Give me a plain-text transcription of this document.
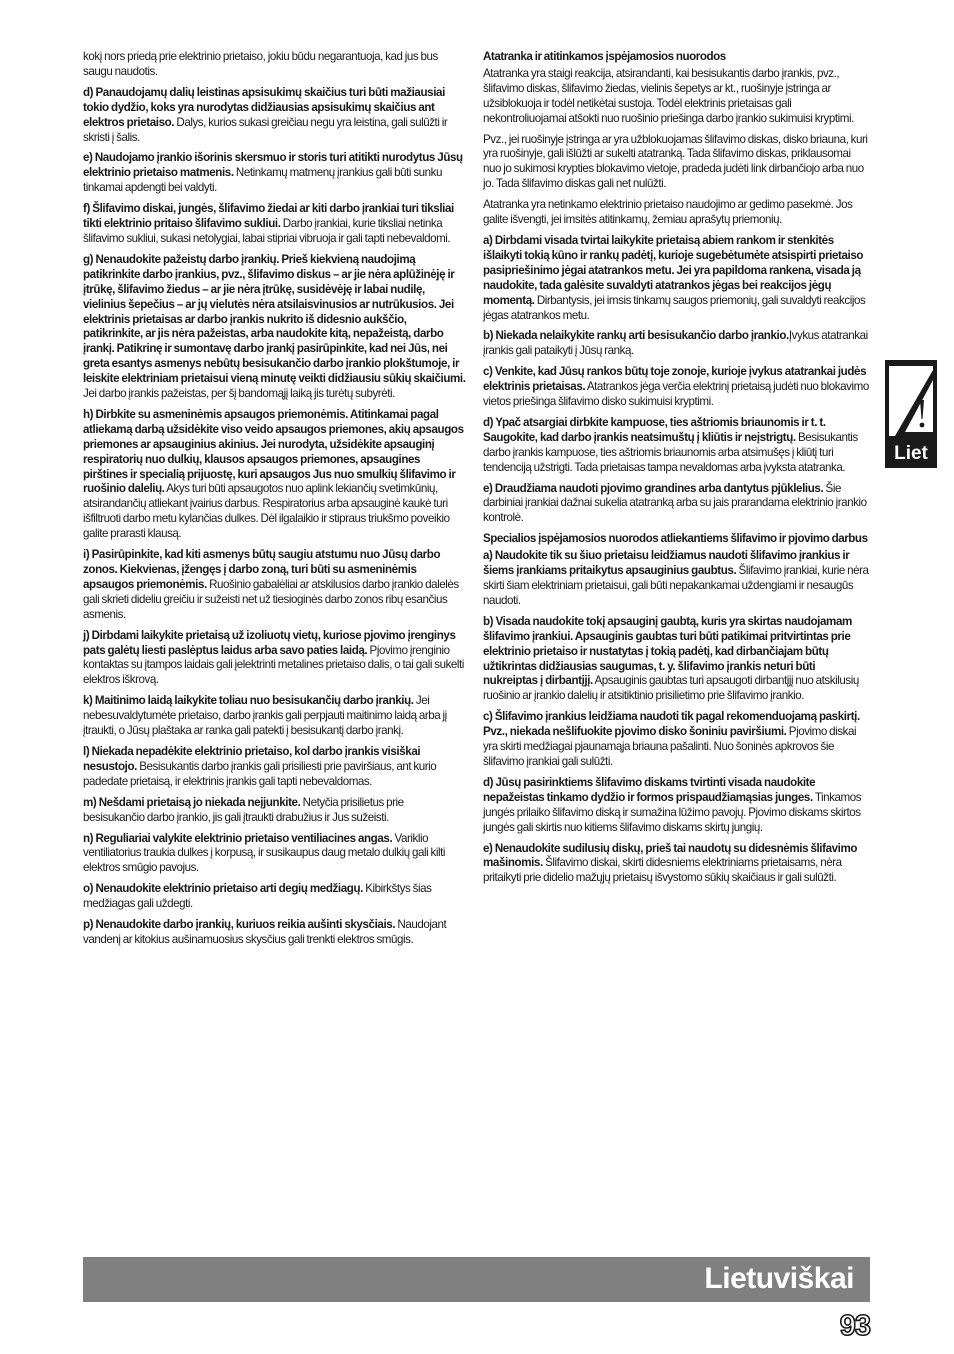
kokį nors priedą prie elektrinio prietaiso, jokiu būdu negarantuoja, kad jus bus saugu naudotis.
d) Panaudojamų dalių leistinas apsisukimų skaičius turi būti mažiausiai tokio dydžio, koks yra nurodytas didžiausias apsisukimų skaičius ant elektros prietaiso. Dalys, kurios sukasi greičiau negu yra leistina, gali sulūžti ir skristi į šalis.
e) Naudojamo įrankio išorinis skersmuo ir storis turi atitikti nurodytus Jūsų elektrinio prietaiso matmenis. Netinkamų matmenų įrankius gali būti sunku tinkamai apdengti bei valdyti.
f) Šlifavimo diskai, jungės, šlifavimo žiedai ar kiti darbo įrankiai turi tiksliai tikti elektrinio pritaiso šlifavimo sukliui. Darbo įrankiai, kurie tiksliai netinka šlifavimo sukliui, sukasi netolygiai, labai stipriai vibruoja ir gali tapti nebevaldomi.
g) Nenaudokite pažeistų darbo įrankių. Prieš kiekvieną naudojimą patikrinkite darbo įrankius, pvz., šlifavimo diskus – ar jie nėra aplūžinėję ir įtrūkę, šlifavimo žiedus – ar jie nėra įtrūkę, susidėvėję ir labai nudilę, vielinius šepečius – ar jų vielutės nėra atsilaisvinusios ar nutrūkusios. Jei elektrinis prietaisas ar darbo įrankis nukrito iš didesnio aukščio, patikrinkite, ar jis nėra pažeistas, arba naudokite kitą, nepažeistą, darbo įrankį. Patikrinę ir sumontavę darbo įrankį pasirūpinkite, kad nei Jūs, nei greta esantys asmenys nebūtų besisukančio darbo įrankio plokštumoje, ir leiskite elektriniam prietaisui vieną minutę veikti didžiausiu sūkių skaičiumi. Jei darbo įrankis pažeistas, per šį bandomąjį laiką jis turėtų subyrėti.
h) Dirbkite su asmeninėmis apsaugos priemonėmis. Atitinkamai pagal atliekamą darbą užsidėkite viso veido apsaugos priemones, akių apsaugos priemones ar apsauginius akinius. Jei nurodyta, užsidėkite apsauginį respiratorių nuo dulkių, klausos apsaugos priemones, apsaugines pirštines ir specialią prijuostę, kuri apsaugos Jus nuo smulkių šlifavimo ir ruošinio dalelių. Akys turi būti apsaugotos nuo aplink lekiančių svetimkūnių, atsirandančių atliekant įvairius darbus. Respiratorius arba apsauginė kaukė turi išfiltruoti darbo metu kylančias dulkes. Dėl ilgalaikio ir stipraus triukšmo poveikio galite prarasti klausą.
i) Pasirūpinkite, kad kiti asmenys būtų saugiu atstumu nuo Jūsų darbo zonos. Kiekvienas, įžengęs į darbo zoną, turi būti su asmeninėmis apsaugos priemonėmis. Ruošinio gabalėliai ar atskilusios darbo įrankio dalelės gali skrieti dideliu greičiu ir sužeisti net už tiesioginės darbo zonos ribų esančius asmenis.
j) Dirbdami laikykite prietaisą už izoliuotų vietų, kuriose pjovimo įrenginys pats galėtų liesti paslėptus laidus arba savo paties laidą. Pjovimo įrenginio kontaktas su įtampos laidais gali įelektrinti metalines prietaiso dalis, o tai gali sukelti elektros iškrovą.
k) Maitinimo laidą laikykite toliau nuo besisukančių darbo įrankių. Jei nebesuvaldytumėte prietaiso, darbo įrankis gali perpjauti maitinimo laidą arba jį įtraukti, o Jūsų plaštaka ar ranka gali patekti į besisukantį darbo įrankį.
l) Niekada nepadėkite elektrinio prietaiso, kol darbo įrankis visiškai nesustojo. Besisukantis darbo įrankis gali prisiliesti prie paviršiaus, ant kurio padedate prietaisą, ir elektrinis įrankis gali tapti nebevaldomas.
m) Nešdami prietaisą jo niekada neįjunkite. Netyčia prisilietus prie besisukančio darbo įrankio, jis gali įtraukti drabužius ir Jus sužeisti.
n) Reguliariai valykite elektrinio prietaiso ventiliacines angas. Variklio ventiliatorius traukia dulkes į korpusą, ir susikaupus daug metalo dulkių gali kilti elektros smūgio pavojus.
o) Nenaudokite elektrinio prietaiso arti degių medžiagų. Kibirkštys šias medžiagas gali uždegti.
p) Nenaudokite darbo įrankių, kuriuos reikia aušinti skysčiais. Naudojant vandenį ar kitokius aušinamuosius skysčius gali trenkti elektros smūgis.
Atatranka ir atitinkamos įspėjamosios nuorodos
Atatranka yra staigi reakcija, atsirandanti, kai besisukantis darbo įrankis, pvz., šlifavimo diskas, šlifavimo žiedas, vielinis šepetys ar kt., ruošinyje įstringa ar užsiblokuoja ir todėl netikėtai sustoja. Todėl elektrinis prietaisas gali nekontroliuojamai atšokti nuo ruošinio priešinga darbo įrankio sukimuisi kryptimi.
Pvz., jei ruošinyje įstringa ar yra užblokuojamas šlifavimo diskas, disko briauna, kuri yra ruošinyje, gali išlūžti ar sukelti atatranką. Tada šlifavimo diskas, priklausomai nuo jo sukimosi krypties blokavimo vietoje, pradeda judėti link dirbančiojo arba nuo jo. Tada šlifavimo diskas gali net nulūžti.
Atatranka yra netinkamo elektrinio prietaiso naudojimo ar gedimo pasekmė. Jos galite išvengti, jei imsitės atitinkamų, žemiau aprašytų priemonių.
a) Dirbdami visada tvirtai laikykite prietaisą abiem rankom ir stenkitės išlaikyti tokią kūno ir rankų padėtį, kurioje sugebėtumėte atsispirti prietaiso pasipriešinimo jėgai atatrankos metu. Jei yra papildoma rankena, visada ją naudokite, tada galėsite suvaldyti atatrankos jėgas bei reakcijos jėgų momentą. Dirbantysis, jei imsis tinkamų saugos priemonių, gali suvaldyti reakcijos jėgas atatrankos metu.
b) Niekada nelaikykite rankų arti besisukančio darbo įrankio.Įvykus atatrankai įrankis gali pataikyti į Jūsų ranką.
c) Venkite, kad Jūsų rankos būtų toje zonoje, kurioje įvykus atatrankai judės elektrinis prietaisas. Atatrankos jėga verčia elektrinį prietaisą judėti nuo blokavimo vietos priešinga šlifavimo disko sukimuisi kryptimi.
d) Ypač atsargiai dirbkite kampuose, ties aštriomis briaunomis ir t. t. Saugokite, kad darbo įrankis neatsimuštų į kliūtis ir neįstrigtų. Besisukantis darbo įrankis kampuose, ties aštriomis briaunomis arba atsimušęs į kliūtį turi tendenciją užstrigti. Tada prietaisas tampa nevaldomas arba įvyksta atatranka.
e) Draudžiama naudoti pjovimo grandines arba dantytus pjūklelius. Šie darbiniai įrankiai dažnai sukelia atatranką arba su jais prarandama elektrinio įrankio kontrolė.
Specialios įspėjamosios nuorodos atliekantiems šlifavimo ir pjovimo darbus
a) Naudokite tik su šiuo prietaisu leidžiamus naudoti šlifavimo įrankius ir šiems įrankiams pritaikytus apsauginius gaubtus. Šlifavimo įrankiai, kurie nėra skirti šiam elektriniam prietaisui, gali būti nepakankamai uždengiami ir nesaugūs naudoti.
b) Visada naudokite tokį apsauginį gaubtą, kuris yra skirtas naudojamam šlifavimo įrankiui. Apsauginis gaubtas turi būti patikimai pritvirtintas prie elektrinio prietaiso ir nustatytas į tokią padėtį, kad dirbančiajam būtų užtikrintas didžiausias saugumas, t. y. šlifavimo įrankis neturi būti nukreiptas į dirbantįjį. Apsauginis gaubtas turi apsaugoti dirbantįjį nuo atskilusių ruošinio ar įrankio dalelių ir atsitiktinio prisilietimo prie šlifavimo įrankio.
c) Šlifavimo įrankius leidžiama naudoti tik pagal rekomenduojamą paskirtį. Pvz., niekada nešlifuokite pjovimo disko šoniniu paviršiumi. Pjovimo diskai yra skirti medžiagai pjaunamąja briauna pašalinti. Nuo šoninės apkrovos šie šlifavimo įrankiai gali sulūžti.
d) Jūsų pasirinktiems šlifavimo diskams tvirtinti visada naudokite nepažeistas tinkamo dydžio ir formos prispaudžiamąsias junges. Tinkamos jungės prilaiko šlifavimo diską ir sumažina lūžimo pavojų. Pjovimo diskams skirtos jungės gali skirtis nuo kitiems šlifavimo diskams skirtų jungių.
e) Nenaudokite sudilusių diskų, prieš tai naudotų su didesnėmis šlifavimo mašinomis. Šlifavimo diskai, skirti didesniems elektriniams prietaisams, nėra pritaikyti prie didelio mažųjų prietaisų išvystomo sūkių skaičiaus ir gali sulūžti.
Liet
Lietuviškai
93
